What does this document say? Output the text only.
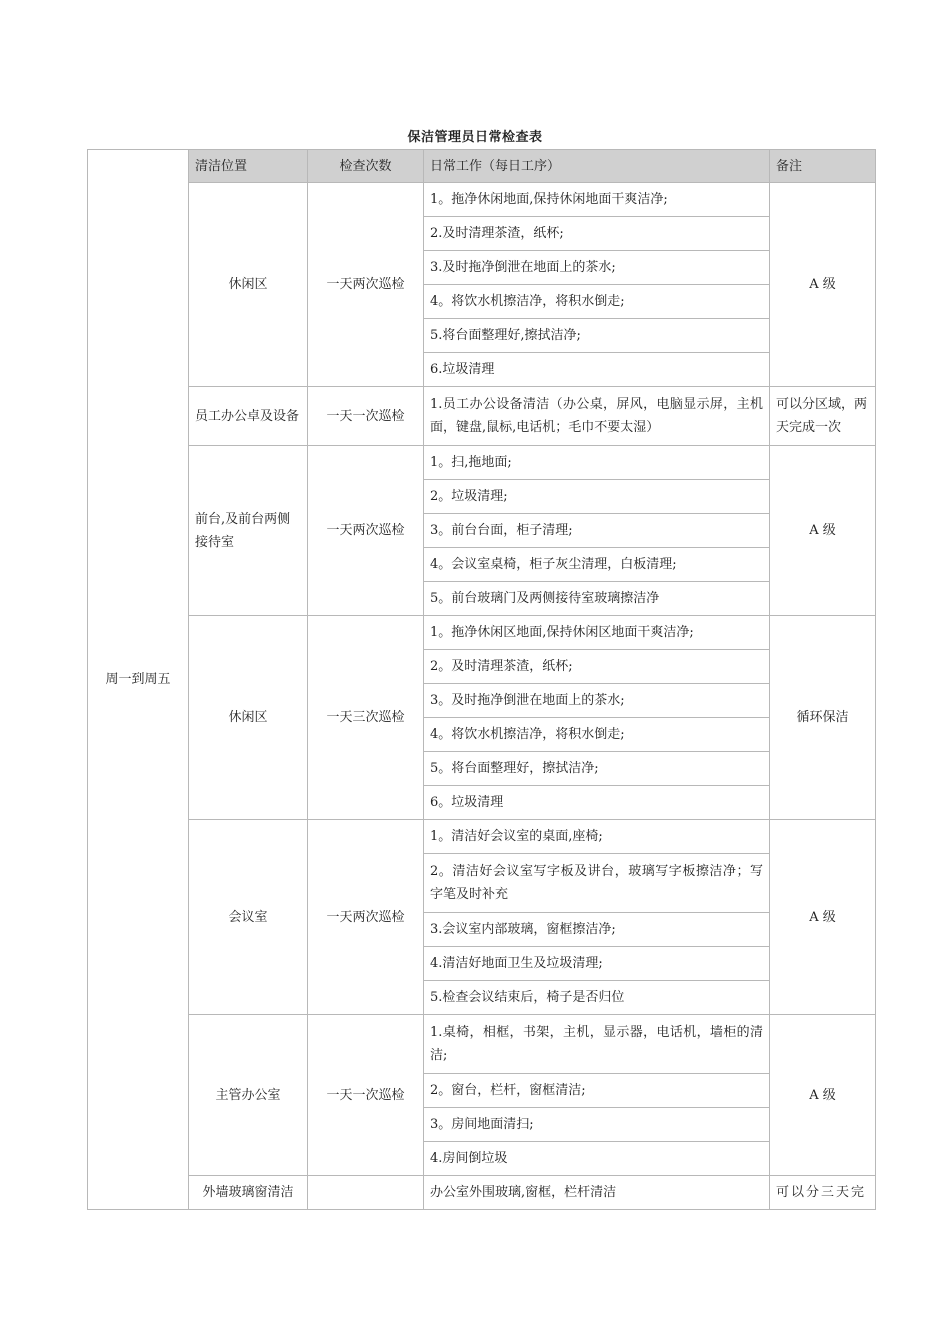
保洁管理员日常检查表
周一到周五	清洁位置	检查次数	日常工作（每日工序）	备注
	休闲区	一天两次巡检	1。拖净休闲地面,保持休闲地面干爽洁净;	A 级
			2.及时清理茶渣，纸杯;	
			3.及时拖净倒泄在地面上的茶水;	
			4。将饮水机擦洁净，将积水倒走;	
			5.将台面整理好,擦拭洁净;	
			6.垃圾清理	
	员工办公卓及设备	一天一次巡检	1.员工办公设备清洁（办公桌，屏风，电脑显示屏，主机面，键盘,鼠标,电话机；毛巾不要太湿）	可以分区域，两天完成一次
	前台,及前台两侧接待室	一天两次巡检	1。扫,拖地面;	A 级
			2。垃圾清理;	
			3。前台台面，柜子清理;	
			4。会议室桌椅，柜子灰尘清理，白板清理;	
			5。前台玻璃门及两侧接待室玻璃擦洁净	
	休闲区	一天三次巡检	1。拖净休闲区地面,保持休闲区地面干爽洁净;	循环保洁
			2。及时清理茶渣，纸杯;	
			3。及时拖净倒泄在地面上的茶水;	
			4。将饮水机擦洁净，将积水倒走;	
			5。将台面整理好，擦拭洁净;	
			6。垃圾清理	
	会议室	一天两次巡检	1。清洁好会议室的桌面,座椅;	A 级
			2。清洁好会议室写字板及讲台，玻璃写字板擦洁净；写字笔及时补充	
			3.会议室内部玻璃，窗框擦洁净;	
			4.清洁好地面卫生及垃圾清理;	
			5.检查会议结束后，椅子是否归位	
	主管办公室	一天一次巡检	1.桌椅，相框，书架，主机，显示器，电话机，墙柜的清洁;	A 级
			2。窗台，栏杆，窗框清洁;	
			3。房间地面清扫;	
			4.房间倒垃圾	
	外墙玻璃窗清洁		办公室外围玻璃,窗框，栏杆清洁	可以分三天完
